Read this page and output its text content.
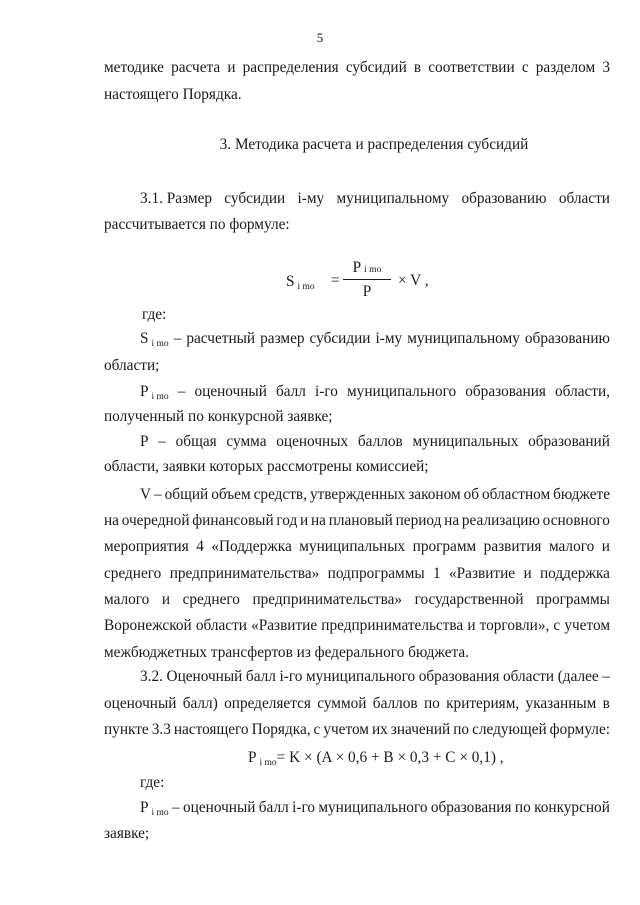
5
методике расчета и распределения субсидий в соответствии с разделом 3
настоящего Порядка.
3. Методика расчета и распределения субсидий
3.1. Размер субсидии i-му муниципальному образованию области
рассчитывается по формуле:
Si mo =
Pi mo
P
× V ,
где:
S i mo – расчетный размер субсидии i-му муниципальному образованию
области;
P i mo – оценочный балл i-го муниципального образования области,
полученный по конкурсной заявке;
P – общая сумма оценочных баллов муниципальных образований
области, заявки которых рассмотрены комиссией;
V – общий объем средств, утвержденных законом об областном бюджете
на очередной финансовый год и на плановый период на реализацию основного
мероприятия 4 «Поддержка муниципальных программ развития малого и
среднего предпринимательства» подпрограммы 1 «Развитие и поддержка
малого и среднего предпринимательства» государственной программы
Воронежской области «Развитие предпринимательства и торговли», с учетом
межбюджетных трансфертов из федерального бюджета.
3.2. Оценочный балл i-го муниципального образования области (далее –
оценочный балл) определяется суммой баллов по критериям, указанным в
пункте 3.3 настоящего Порядка, с учетом их значений по следующей формуле:
Pi mo= K × (A × 0,6 + B × 0,3 + C × 0,1) ,
где:
P i mo – оценочный балл i-го муниципального образования по конкурсной
заявке;
